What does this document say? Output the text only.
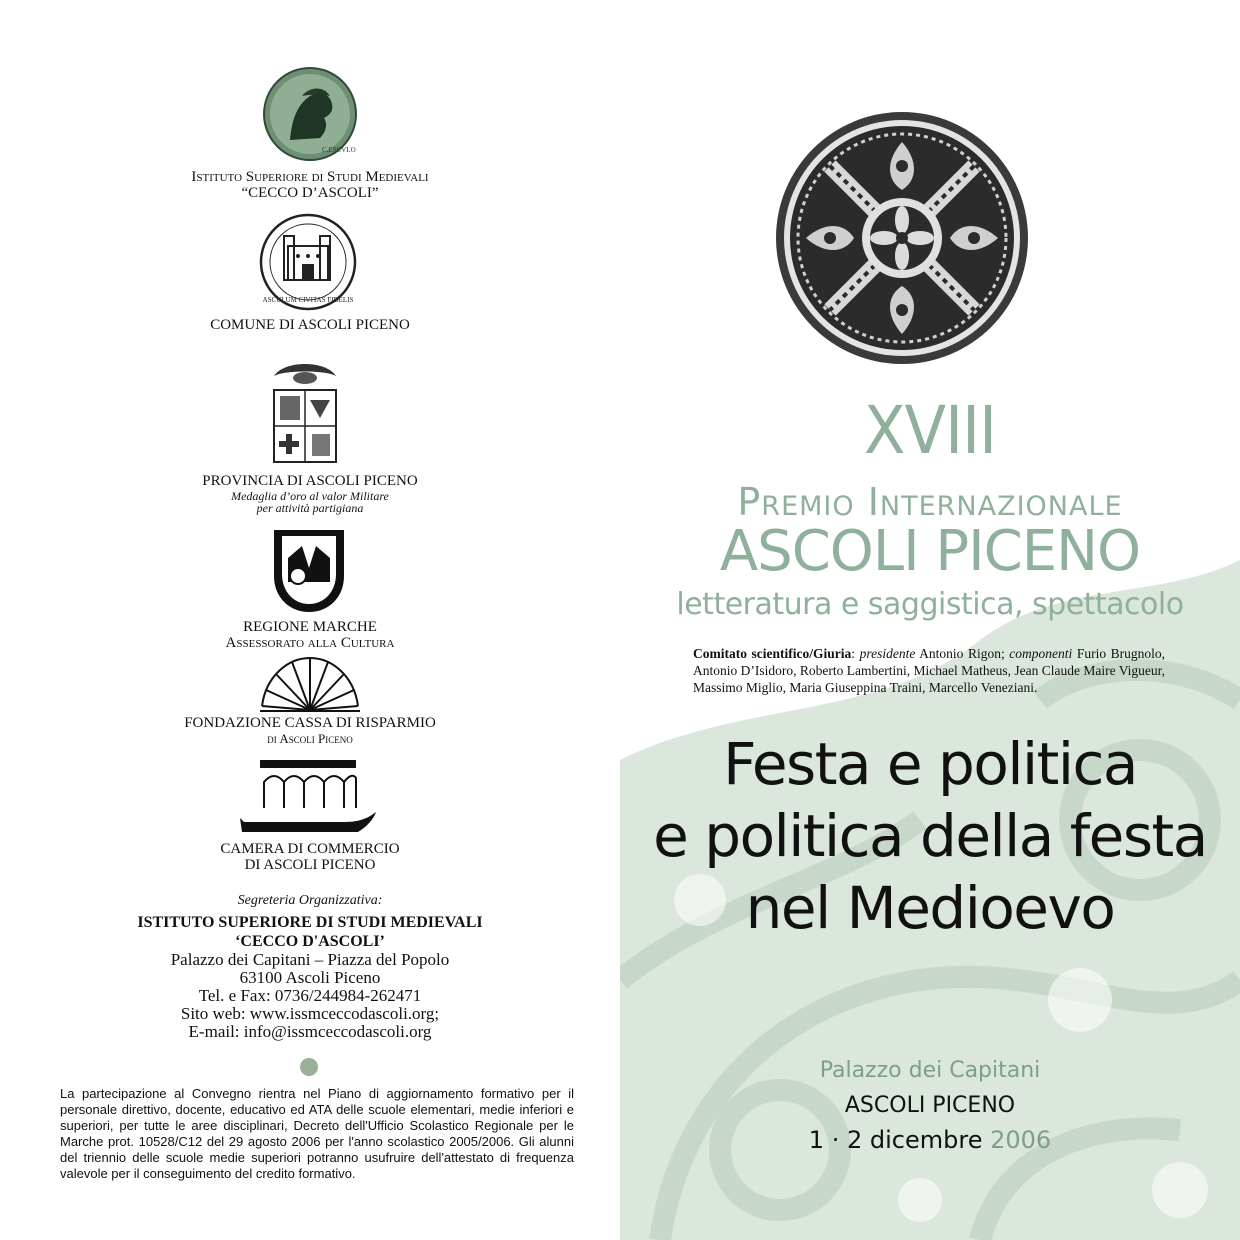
C.ESCVLO
Istituto Superiore di Studi Medievali
“CECCO D’ASCOLI”
ASCULUM CIVITAS FIDELIS
COMUNE DI ASCOLI PICENO
PROVINCIA DI ASCOLI PICENO
Medaglia d’oro al valor Militare
per attività partigiana
REGIONE MARCHE
Assessorato alla Cultura
FONDAZIONE CASSA DI RISPARMIO
di Ascoli Piceno
CAMERA DI COMMERCIO
DI ASCOLI PICENO
Segreteria Organizzativa:
ISTITUTO SUPERIORE DI STUDI MEDIEVALI
‘CECCO D'ASCOLI’
Palazzo dei Capitani – Piazza del Popolo
63100 Ascoli Piceno
Tel. e Fax: 0736/244984-262471
Sito web: www.issmceccodascoli.org;
E-mail: info@issmceccodascoli.org
La partecipazione al Convegno rientra nel Piano di aggiornamento formativo per il personale direttivo, docente, educativo ed ATA delle scuole elementari, medie inferiori e superiori, per tutte le aree disciplinari, Decreto dell'Ufficio Scolastico Regionale per le Marche prot. 10528/C12 del 29 agosto 2006 per l'anno scolastico 2005/2006. Gli alunni del triennio delle scuole medie superiori potranno usufruire dell'attestato di frequenza valevole per il conseguimento del credito formativo.
XVIII
Premio Internazionale
ASCOLI PICENO
letteratura e saggistica, spettacolo
Comitato scientifico/Giuria: presidente Antonio Rigon; componenti Furio Brugnolo, Antonio D’Isidoro, Roberto Lambertini, Michael Matheus, Jean Claude Maire Vigueur, Massimo Miglio, Maria Giuseppina Traini, Marcello Veneziani.
Festa e politica
e politica della festa
nel Medioevo
Palazzo dei Capitani
ASCOLI PICENO
1 · 2 dicembre 2006
